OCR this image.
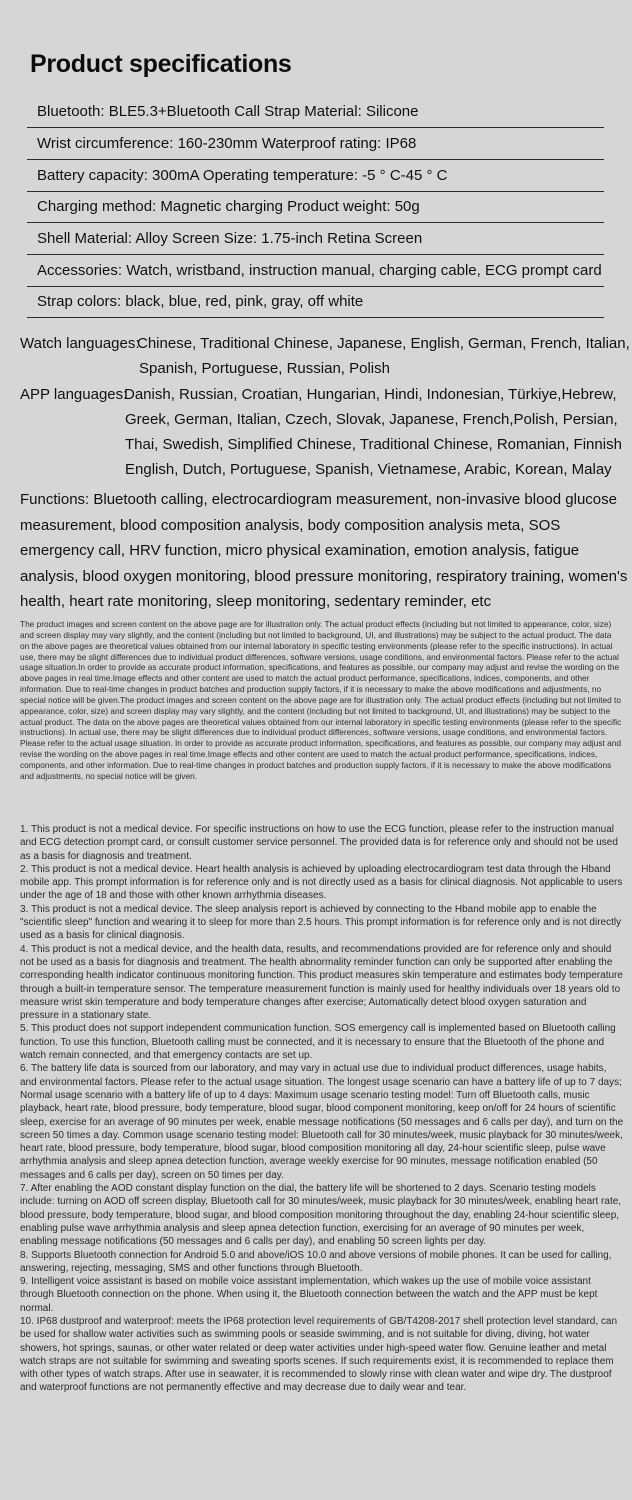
Product specifications
Bluetooth: BLE5.3+Bluetooth Call Strap Material: Silicone
Wrist circumference: 160-230mm Waterproof rating: IP68
Battery capacity: 300mA Operating temperature: -5 ° C-45 ° C
Charging method: Magnetic charging Product weight: 50g
Shell Material: Alloy Screen Size: 1.75-inch Retina Screen
Accessories: Watch, wristband, instruction manual, charging cable, ECG prompt card
Strap colors: black, blue, red, pink, gray, off white
Watch languages:
Chinese, Traditional Chinese, Japanese, English, German, French, Italian,
Spanish, Portuguese, Russian, Polish
APP languages:
Danish, Russian, Croatian, Hungarian, Hindi, Indonesian, Türkiye,Hebrew,
Greek, German, Italian, Czech, Slovak, Japanese, French,Polish, Persian,
Thai, Swedish, Simplified Chinese, Traditional Chinese, Romanian, Finnish
English, Dutch, Portuguese, Spanish, Vietnamese, Arabic, Korean, Malay
Functions: Bluetooth calling, electrocardiogram measurement, non-invasive blood glucose measurement, blood composition analysis, body composition analysis meta, SOS emergency call, HRV function, micro physical examination, emotion analysis, fatigue analysis, blood oxygen monitoring, blood pressure monitoring, respiratory training, women's health, heart rate monitoring, sleep monitoring, sedentary reminder, etc
The product images and screen content on the above page are for illustration only. The actual product effects (including but not limited to appearance, color, size) and screen display may vary slightly, and the content (including but not limited to background, UI, and illustrations) may be subject to the actual product. The data on the above pages are theoretical values obtained from our internal laboratory in specific testing environments (please refer to the specific instructions). In actual use, there may be slight differences due to individual product differences, software versions, usage conditions, and environmental factors. Please refer to the actual usage situation.In order to provide as accurate product information, specifications, and features as possible, our company may adjust and revise the wording on the above pages in real time.Image effects and other content are used to match the actual product performance, specifications, indices, components, and other information. Due to real-time changes in product batches and production supply factors, if it is necessary to make the above modifications and adjustments, no special notice will be given.The product images and screen content on the above page are for illustration only. The actual product effects (including but not limited to appearance, color, size) and screen display may vary slightly, and the content (including but not limited to background, UI, and illustrations) may be subject to the actual product. The data on the above pages are theoretical values obtained from our internal laboratory in specific testing environments (please refer to the specific instructions). In actual use, there may be slight differences due to individual product differences, software versions, usage conditions, and environmental factors. Please refer to the actual usage situation. In order to provide as accurate product information, specifications, and features as possible, our company may adjust and revise the wording on the above pages in real time.Image effects and other content are used to match the actual product performance, specifications, indices, components, and other information. Due to real-time changes in product batches and production supply factors, if it is necessary to make the above modifications and adjustments, no special notice will be given.

1. This product is not a medical device. For specific instructions on how to use the ECG function, please refer to the instruction manual and ECG detection prompt card, or consult customer service personnel. The provided data is for reference only and should not be used as a basis for diagnosis and treatment.

2. This product is not a medical device. Heart health analysis is achieved by uploading electrocardiogram test data through the Hband mobile app. This prompt information is for reference only and is not directly used as a basis for clinical diagnosis. Not applicable to users under the age of 18 and those with other known arrhythmia diseases.

3. This product is not a medical device. The sleep analysis report is achieved by connecting to the Hband mobile app to enable the "scientific sleep" function and wearing it to sleep for more than 2.5 hours. This prompt information is for reference only and is not directly used as a basis for clinical diagnosis.

4. This product is not a medical device, and the health data, results, and recommendations provided are for reference only and should not be used as a basis for diagnosis and treatment. The health abnormality reminder function can only be supported after enabling the corresponding health indicator continuous monitoring function. This product measures skin temperature and estimates body temperature through a built-in temperature sensor. The temperature measurement function is mainly used for healthy individuals over 18 years old to measure wrist skin temperature and body temperature changes after exercise; Automatically detect blood oxygen saturation and pressure in a stationary state.

5. This product does not support independent communication function. SOS emergency call is implemented based on Bluetooth calling function. To use this function, Bluetooth calling must be connected, and it is necessary to ensure that the Bluetooth of the phone and watch remain connected, and that emergency contacts are set up.

6. The battery life data is sourced from our laboratory, and may vary in actual use due to individual product differences, usage habits, and environmental factors. Please refer to the actual usage situation. The longest usage scenario can have a battery life of up to 7 days; Normal usage scenario with a battery life of up to 4 days: Maximum usage scenario testing model: Turn off Bluetooth calls, music playback, heart rate, blood pressure, body temperature, blood sugar, blood component monitoring, keep on/off for 24 hours of scientific sleep, exercise for an average of 90 minutes per week, enable message notifications (50 messages and 6 calls per day), and turn on the screen 50 times a day. Common usage scenario testing model: Bluetooth call for 30 minutes/week, music playback for 30 minutes/week, heart rate, blood pressure, body temperature, blood sugar, blood composition monitoring all day, 24-hour scientific sleep, pulse wave arrhythmia analysis and sleep apnea detection function, average weekly exercise for 90 minutes, message notification enabled (50 messages and 6 calls per day), screen on 50 times per day.

7. After enabling the AOD constant display function on the dial, the battery life will be shortened to 2 days. Scenario testing models include: turning on AOD off screen display, Bluetooth call for 30 minutes/week, music playback for 30 minutes/week, enabling heart rate, blood pressure, body temperature, blood sugar, and blood composition monitoring throughout the day, enabling 24-hour scientific sleep, enabling pulse wave arrhythmia analysis and sleep apnea detection function, exercising for an average of 90 minutes per week, enabling message notifications (50 messages and 6 calls per day), and enabling 50 screen lights per day.

8. Supports Bluetooth connection for Android 5.0 and above/iOS 10.0 and above versions of mobile phones. It can be used for calling, answering, rejecting, messaging, SMS and other functions through Bluetooth.

9. Intelligent voice assistant is based on mobile voice assistant implementation, which wakes up the use of mobile voice assistant through Bluetooth connection on the phone. When using it, the Bluetooth connection between the watch and the APP must be kept normal.

10. IP68 dustproof and waterproof: meets the IP68 protection level requirements of GB/T4208-2017 shell protection level standard, can be used for shallow water activities such as swimming pools or seaside swimming, and is not suitable for diving, diving, hot water showers, hot springs, saunas, or other water related or deep water activities under high-speed water flow. Genuine leather and metal watch straps are not suitable for swimming and sweating sports scenes. If such requirements exist, it is recommended to replace them with other types of watch straps. After use in seawater, it is recommended to slowly rinse with clean water and wipe dry. The dustproof and waterproof functions are not permanently effective and may decrease due to daily wear and tear.
